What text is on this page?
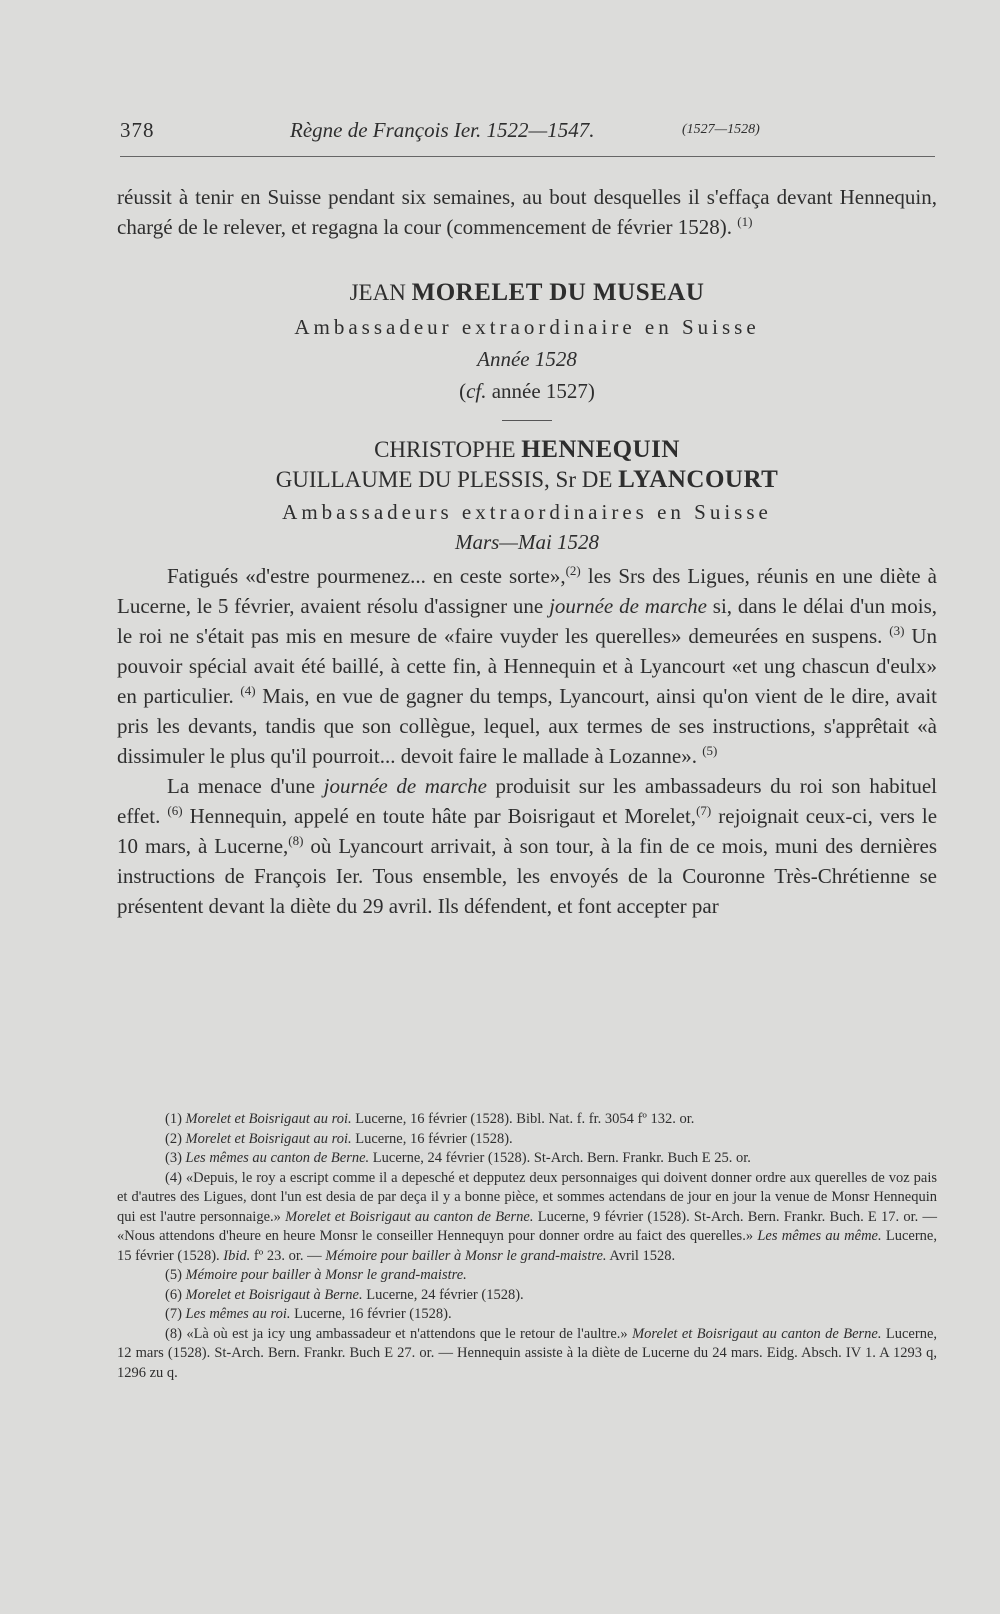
378	Règne de François Ier. 1522—1547.	(1527—1528)

réussit à tenir en Suisse pendant six semaines, au bout desquelles il s'effaça devant Hennequin, chargé de le relever, et regagna la cour (commencement de février 1528). $^{(1)}$

JEAN MORELET DU MUSEAU

Ambassadeur extraordinaire en Suisse

Année 1528

(cf. année 1527)

CHRISTOPHE HENNEQUIN

GUILLAUME DU PLESSIS, Sr DE LYANCOURT

Ambassadeurs extraordinaires en Suisse

Mars—Mai 1528

Fatigués «d'estre pourmenez... en ceste sorte»,$^{(2)}$ les Srs des Ligues, réunis en une diète à Lucerne, le 5 février, avaient résolu d'assigner une journée de marche si, dans le délai d'un mois, le roi ne s'était pas mis en mesure de «faire vuyder les querelles» demeurées en suspens. $^{(3)}$ Un pouvoir spécial avait été baillé, à cette fin, à Hennequin et à Lyancourt «et ung chascun d'eulx» en particulier. $^{(4)}$ Mais, en vue de gagner du temps, Lyancourt, ainsi qu'on vient de le dire, avait pris les devants, tandis que son collègue, lequel, aux termes de ses instructions, s'apprêtait «à dissimuler le plus qu'il pourroit... devoit faire le mallade à Lozanne». $^{(5)}$

La menace d'une journée de marche produisit sur les ambassadeurs du roi son habituel effet. $^{(6)}$ Hennequin, appelé en toute hâte par Boisrigaut et Morelet,$^{(7)}$ rejoignait ceux-ci, vers le 10 mars, à Lucerne,$^{(8)}$ où Lyancourt arrivait, à son tour, à la fin de ce mois, muni des dernières instructions de François Ier. Tous ensemble, les envoyés de la Couronne Très-Chrétienne se présentent devant la diète du 29 avril. Ils défendent, et font accepter par

(1) Morelet et Boisrigaut au roi. Lucerne, 16 février (1528). Bibl. Nat. f. fr. 3054 fº 132. or.

(2) Morelet et Boisrigaut au roi. Lucerne, 16 février (1528).

(3) Les mêmes au canton de Berne. Lucerne, 24 février (1528). St-Arch. Bern. Frankr. Buch E 25. or.

(4) «Depuis, le roy a escript comme il a depesché et depputez deux personnaiges qui doivent donner ordre aux querelles de voz pais et d'autres des Ligues, dont l'un est desia de par deça il y a bonne pièce, et sommes actendans de jour en jour la venue de Monsr Hennequin qui est l'autre personnaige.» Morelet et Boisrigaut au canton de Berne. Lucerne, 9 février (1528). St-Arch. Bern. Frankr. Buch. E 17. or. — «Nous attendons d'heure en heure Monsr le conseiller Hennequyn pour donner ordre au faict des querelles.» Les mêmes au même. Lucerne, 15 février (1528). Ibid. fº 23. or. — Mémoire pour bailler à Monsr le grand-maistre. Avril 1528.

(5) Mémoire pour bailler à Monsr le grand-maistre.

(6) Morelet et Boisrigaut à Berne. Lucerne, 24 février (1528).

(7) Les mêmes au roi. Lucerne, 16 février (1528).

(8) «Là où est ja icy ung ambassadeur et n'attendons que le retour de l'aultre.» Morelet et Boisrigaut au canton de Berne. Lucerne, 12 mars (1528). St-Arch. Bern. Frankr. Buch E 27. or. — Hennequin assiste à la diète de Lucerne du 24 mars. Eidg. Absch. IV 1. A 1293 q, 1296 zu q.
